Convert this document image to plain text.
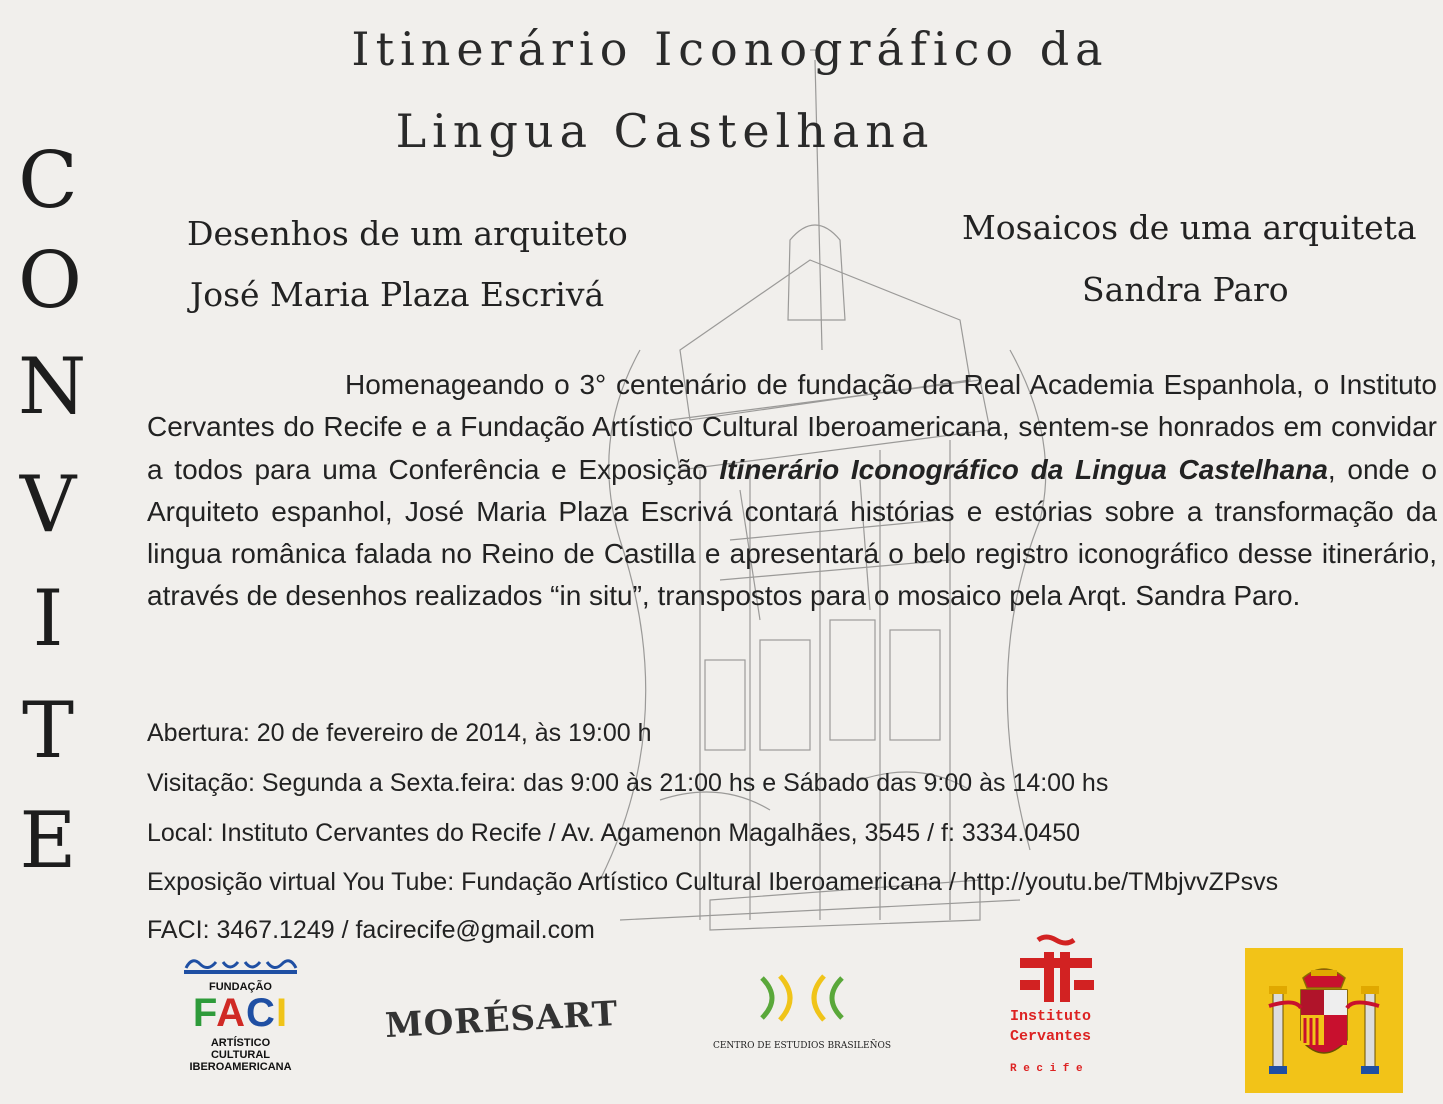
Itinerário Iconográfico da
Lingua Castelhana
C
O
N
V
I
T
E
Desenhos de um arquiteto
José Maria Plaza Escrivá
Mosaicos de uma arquiteta
Sandra Paro
Homenageando o 3° centenário de fundação da Real Academia Espanhola, o Instituto Cervantes do Recife e a Fundação Artístico Cultural Iberoamericana, sentem-se honrados em convidar a todos para uma Conferência e Exposição Itinerário Iconográfico da Lingua Castelhana, onde o Arquiteto espanhol, José Maria Plaza Escrivá contará histórias e estórias sobre a transformação da lingua românica falada no Reino de Castilla e apresentará o belo registro iconográfico desse itinerário, através de desenhos realizados “in situ”, transpostos para o mosaico pela Arqt. Sandra Paro.
Abertura: 20 de fevereiro de 2014, às 19:00 h
Visitação: Segunda a Sexta.feira: das 9:00 às 21:00 hs e Sábado das 9:00 às 14:00 hs
Local: Instituto Cervantes do Recife / Av. Agamenon Magalhães, 3545 / f: 3334.0450
Exposição virtual You Tube: Fundação Artístico Cultural Iberoamericana / http://youtu.be/TMbjvvZPsvs
FACI: 3467.1249 / facirecife@gmail.com
FUNDAÇÃO
FACI
ARTÍSTICO
CULTURAL
IBEROAMERICANA
MORÉSART	CENTRO DE ESTUDIOS BRASILEÑOS
Instituto
Cervantes
R e c i f e
